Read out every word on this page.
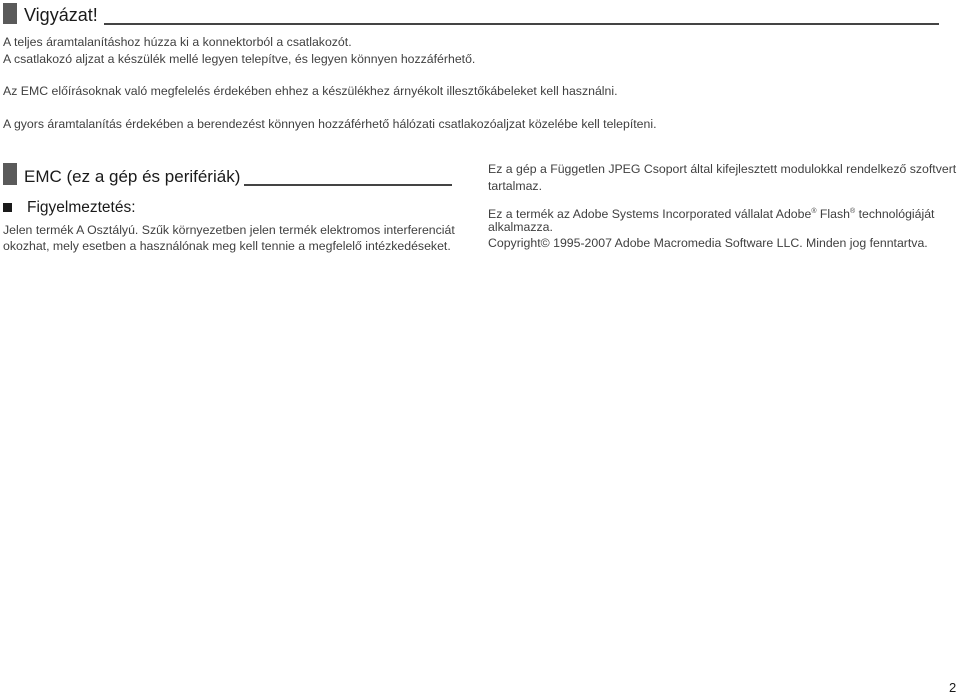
Vigyázat!
A teljes áramtalanításhoz húzza ki a konnektorból a csatlakozót.
A csatlakozó aljzat a készülék mellé legyen telepítve, és legyen könnyen hozzáférhető.
Az EMC előírásoknak való megfelelés érdekében ehhez a készülékhez árnyékolt illesztőkábeleket kell használni.
A gyors áramtalanítás érdekében a berendezést könnyen hozzáférhető hálózati csatlakozóaljzat közelébe kell telepíteni.
EMC (ez a gép és perifériák)
Figyelmeztetés:
Jelen termék A Osztályú. Szűk környezetben jelen termék elektromos interferenciát
okozhat, mely esetben a használónak meg kell tennie a megfelelő intézkedéseket.
Ez a gép a Független JPEG Csoport által kifejlesztett modulokkal rendelkező szoftvert
tartalmaz.
Ez a termék az Adobe Systems Incorporated vállalat Adobe® Flash® technológiáját
alkalmazza.
Copyright© 1995-2007 Adobe Macromedia Software LLC. Minden jog fenntartva.
2
